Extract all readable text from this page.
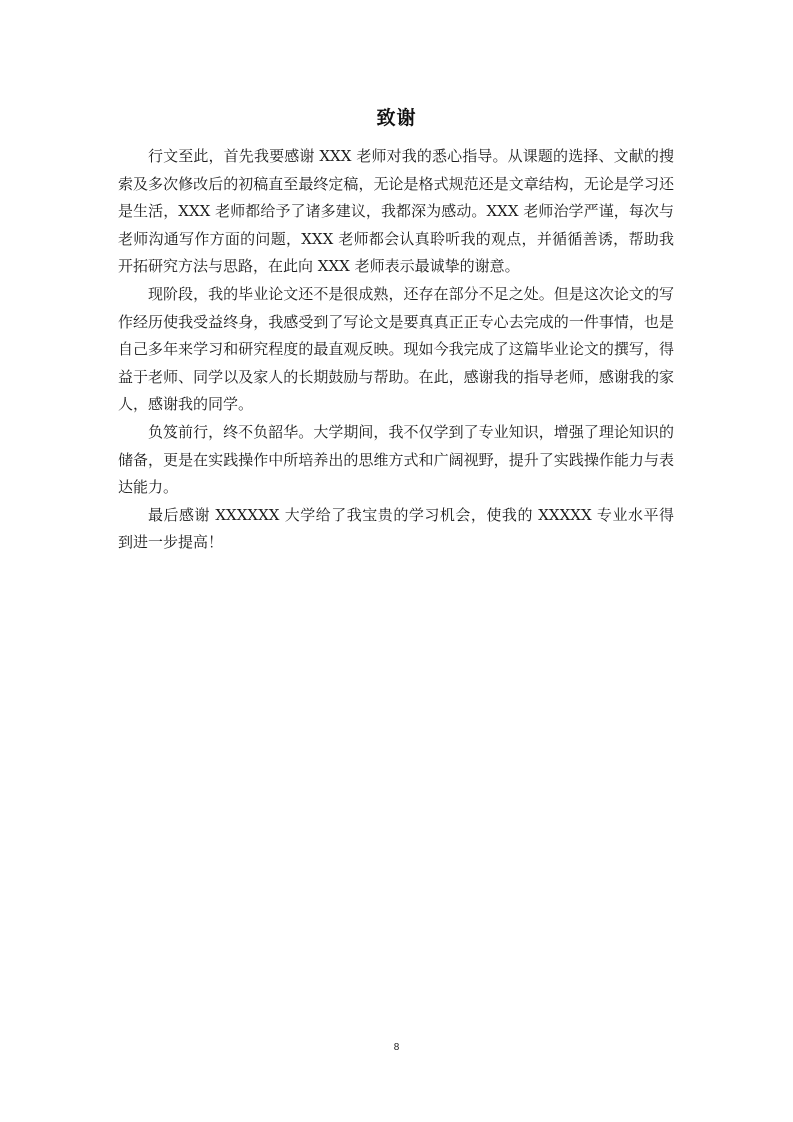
致谢

行文至此，首先我要感谢 XXX 老师对我的悉心指导。从课题的选择、文献的搜索及多次修改后的初稿直至最终定稿，无论是格式规范还是文章结构，无论是学习还是生活，XXX 老师都给予了诸多建议，我都深为感动。XXX 老师治学严谨，每次与老师沟通写作方面的问题，XXX 老师都会认真聆听我的观点，并循循善诱，帮助我开拓研究方法与思路，在此向 XXX 老师表示最诚挚的谢意。

现阶段，我的毕业论文还不是很成熟，还存在部分不足之处。但是这次论文的写作经历使我受益终身，我感受到了写论文是要真真正正专心去完成的一件事情，也是自己多年来学习和研究程度的最直观反映。现如今我完成了这篇毕业论文的撰写，得益于老师、同学以及家人的长期鼓励与帮助。在此，感谢我的指导老师，感谢我的家人，感谢我的同学。

负笈前行，终不负韶华。大学期间，我不仅学到了专业知识，增强了理论知识的储备，更是在实践操作中所培养出的思维方式和广阔视野，提升了实践操作能力与表达能力。

最后感谢 XXXXXX 大学给了我宝贵的学习机会，使我的 XXXXX 专业水平得到进一步提高！

8
